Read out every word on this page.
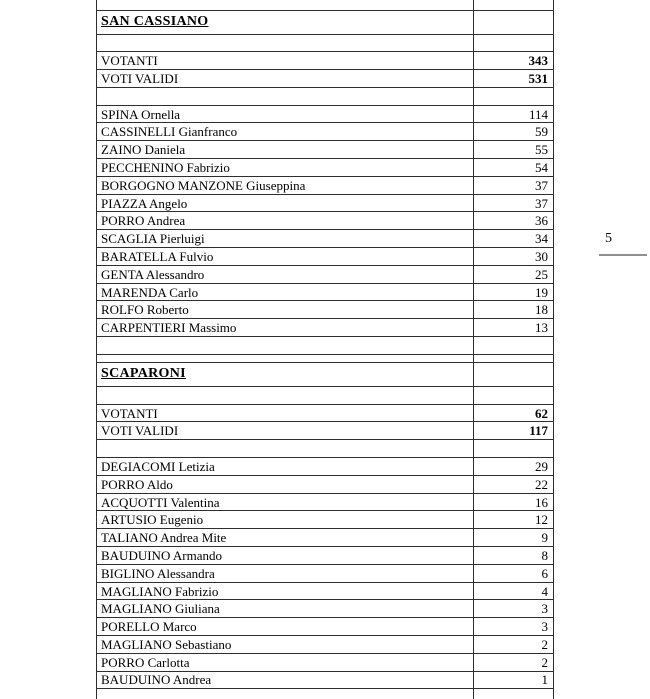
SAN CASSIANO	

VOTANTI	343
VOTI VALIDI	531

SPINA Ornella	114
CASSINELLI Gianfranco	59
ZAINO Daniela	55
PECCHENINO Fabrizio	54
BORGOGNO MANZONE Giuseppina	37
PIAZZA Angelo	37
PORRO Andrea	36
SCAGLIA Pierluigi	34
BARATELLA Fulvio	30
GENTA Alessandro	25
MARENDA Carlo	19
ROLFO Roberto	18
CARPENTIERI Massimo	13

SCAPARONI	

VOTANTI	62
VOTI VALIDI	117

DEGIACOMI Letizia	29
PORRO Aldo	22
ACQUOTTI Valentina	16
ARTUSIO Eugenio	12
TALIANO Andrea Mite	9
BAUDUINO Armando	8
BIGLINO Alessandra	6
MAGLIANO Fabrizio	4
MAGLIANO Giuliana	3
PORELLO Marco	3
MAGLIANO Sebastiano	2
PORRO Carlotta	2
BAUDUINO Andrea	1

5
